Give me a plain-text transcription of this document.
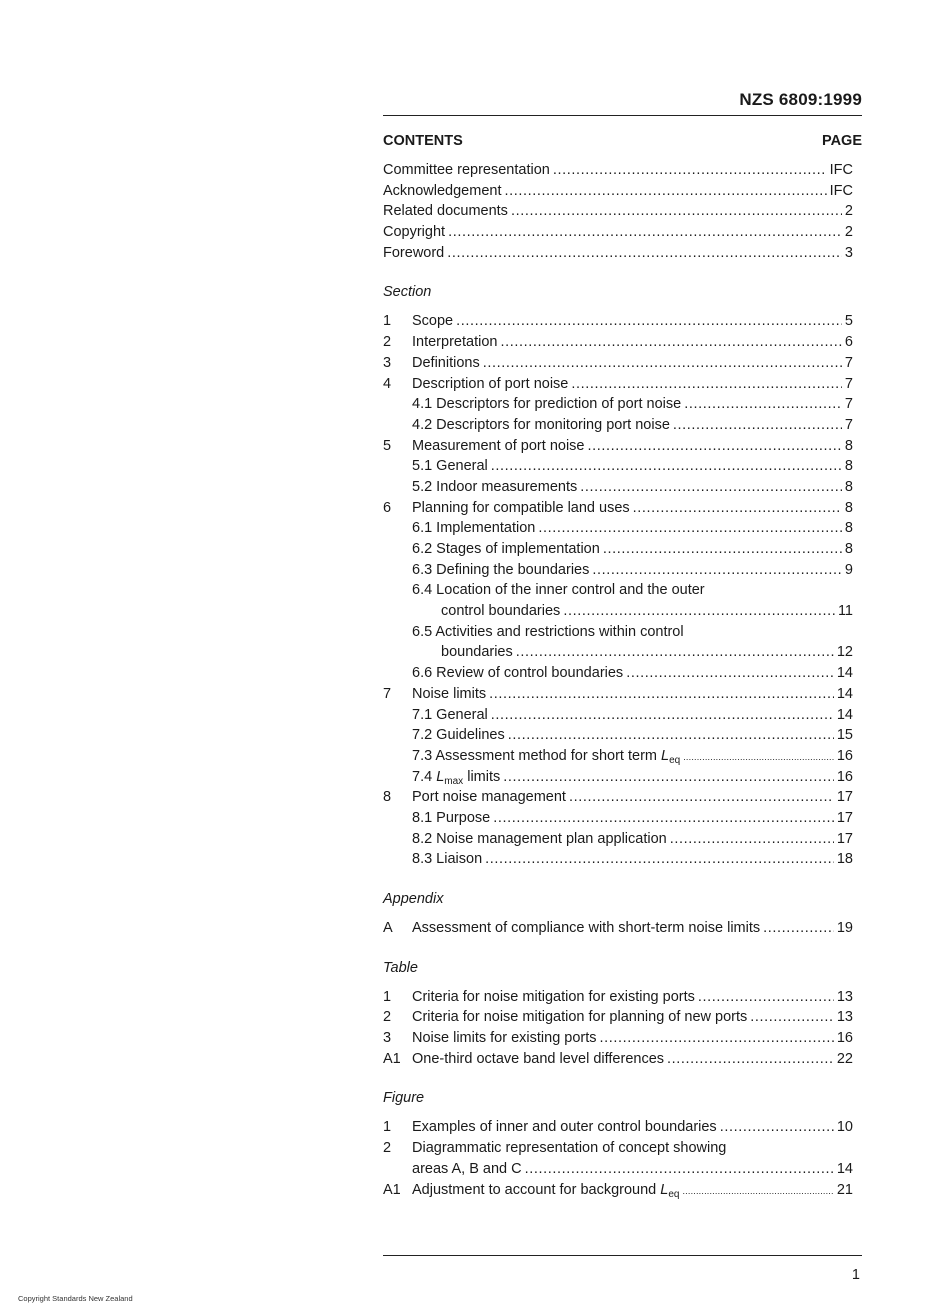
NZS 6809:1999
CONTENTS	PAGE
Committee representation .....	IFC
Acknowledgement .....	IFC
Related documents .....	2
Copyright .....	2
Foreword .....	3
Section
1	Scope .....	5
2	Interpretation .....	6
3	Definitions .....	7
4	Description of port noise .....	7
4.1 Descriptors for prediction of port noise .....	7
4.2 Descriptors for monitoring port noise .....	7
5	Measurement of port noise .....	8
5.1 General .....	8
5.2 Indoor measurements .....	8
6	Planning for compatible land uses .....	8
6.1 Implementation .....	8
6.2 Stages of implementation .....	8
6.3 Defining the boundaries .....	9
6.4 Location of the inner control and the outer
control boundaries .....	11
6.5 Activities and restrictions within control
boundaries .....	12
6.6 Review of control boundaries .....	14
7	Noise limits .....	14
7.1 General .....	14
7.2 Guidelines .....	15
7.3 Assessment method for short term $L_{eq}$ .....	16
7.4 $L_{max}$ limits .....	16
8	Port noise management .....	17
8.1 Purpose .....	17
8.2 Noise management plan application .....	17
8.3 Liaison .....	18
Appendix
A	Assessment of compliance with short-term noise limits .....	19
Table
1	Criteria for noise mitigation for existing ports .....	13
2	Criteria for noise mitigation for planning of new ports .....	13
3	Noise limits for existing ports .....	16
A1 One-third octave band level differences .....	22
Figure
1	Examples of inner and outer control boundaries .....	10
2	Diagrammatic representation of concept showing
areas A, B and C .....	14
A1 Adjustment to account for background $L_{eq}$ .....	21
1
Copyright Standards New Zealand
